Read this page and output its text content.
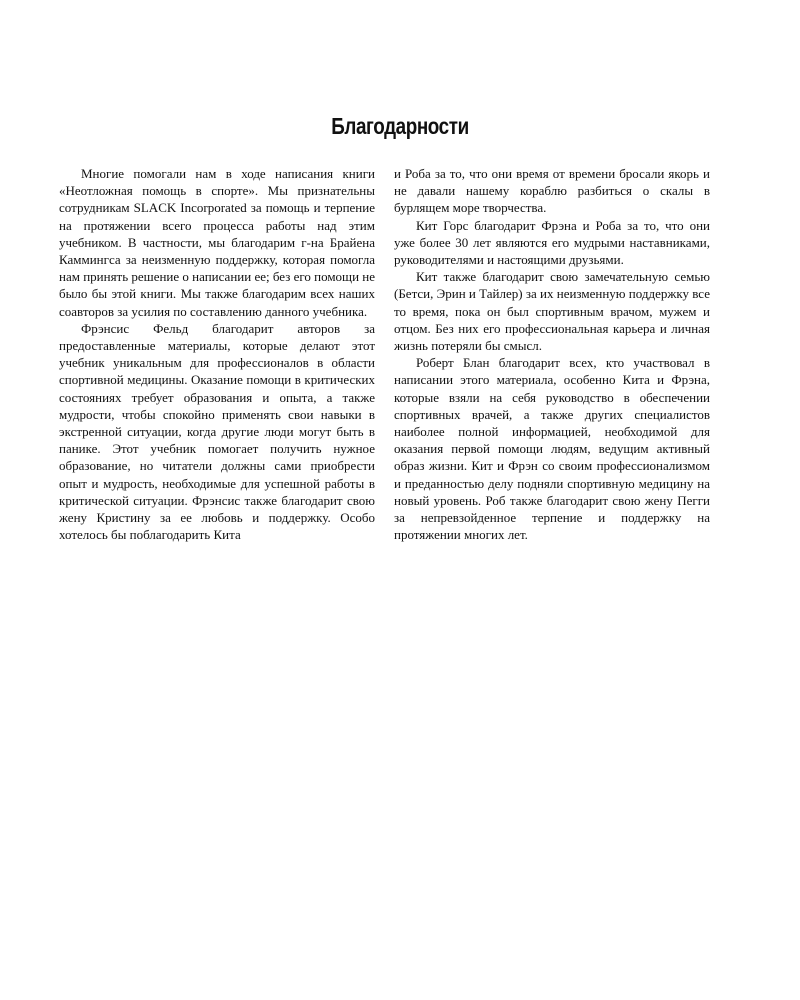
Благодарности

Многие помогали нам в ходе написания книги «Неотложная помощь в спорте». Мы признательны сотрудникам SLACK Incorporated за помощь и терпение на протяжении всего процесса работы над этим учебником. В частности, мы благодарим г-на Брайена Каммингса за неизменную поддержку, которая помогла нам принять решение о написании ее; без его помощи не было бы этой книги. Мы также благодарим всех наших соавторов за усилия по составлению данного учебника.

Фрэнсис Фельд благодарит авторов за предоставленные материалы, которые делают этот учебник уникальным для профессионалов в области спортивной медицины. Оказание помощи в критических состояниях требует образования и опыта, а также мудрости, чтобы спокойно применять свои навыки в экстренной ситуации, когда другие люди могут быть в панике. Этот учебник помогает получить нужное образование, но читатели должны сами приобрести опыт и мудрость, необходимые для успешной работы в критической ситуации. Фрэнсис также благодарит свою жену Кристину за ее любовь и поддержку. Особо хотелось бы поблагодарить Кита

и Роба за то, что они время от времени бросали якорь и не давали нашему кораблю разбиться о скалы в бурлящем море творчества.

Кит Горс благодарит Фрэна и Роба за то, что они уже более 30 лет являются его мудрыми наставниками, руководителями и настоящими друзьями.

Кит также благодарит свою замечательную семью (Бетси, Эрин и Тайлер) за их неизменную поддержку все то время, пока он был спортивным врачом, мужем и отцом. Без них его профессиональная карьера и личная жизнь потеряли бы смысл.

Роберт Блан благодарит всех, кто участвовал в написании этого материала, особенно Кита и Фрэна, которые взяли на себя руководство в обеспечении спортивных врачей, а также других специалистов наиболее полной информацией, необходимой для оказания первой помощи людям, ведущим активный образ жизни. Кит и Фрэн со своим профессионализмом и преданностью делу подняли спортивную медицину на новый уровень. Роб также благодарит свою жену Пегги за непревзойденное терпение и поддержку на протяжении многих лет.
